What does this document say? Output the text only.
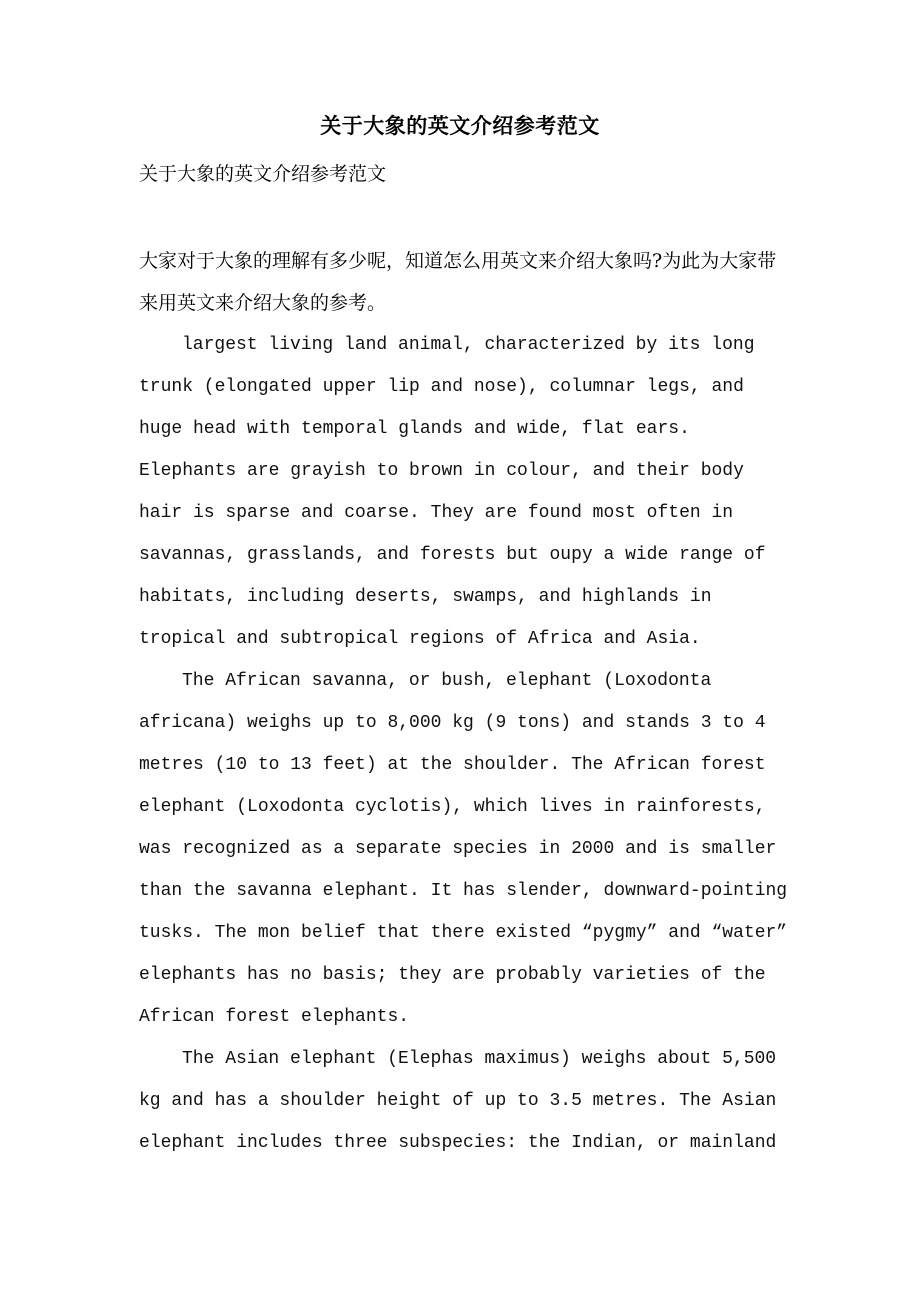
关于大象的英文介绍参考范文
关于大象的英文介绍参考范文

大家对于大象的理解有多少呢，知道怎么用英文来介绍大象吗?为此为大家带来用英文来介绍大象的参考。

largest living land animal, characterized by its long trunk (elongated upper lip and nose), columnar legs, and huge head with temporal glands and wide, flat ears. Elephants are grayish to brown in colour, and their body hair is sparse and coarse. They are found most often in savannas, grasslands, and forests but oupy a wide range of habitats, including deserts, swamps, and highlands in tropical and subtropical regions of Africa and Asia.

The African savanna, or bush, elephant (Loxodonta africana) weighs up to 8,000 kg (9 tons) and stands 3 to 4 metres (10 to 13 feet) at the shoulder. The African forest elephant (Loxodonta cyclotis), which lives in rainforests, was recognized as a separate species in 2000 and is smaller than the savanna elephant. It has slender, downward-pointing tusks. The mon belief that there existed “pygmy” and “water” elephants has no basis; they are probably varieties of the African forest elephants.

The Asian elephant (Elephas maximus) weighs about 5,500 kg and has a shoulder height of up to 3.5 metres. The Asian elephant includes three subspecies: the Indian, or mainland
